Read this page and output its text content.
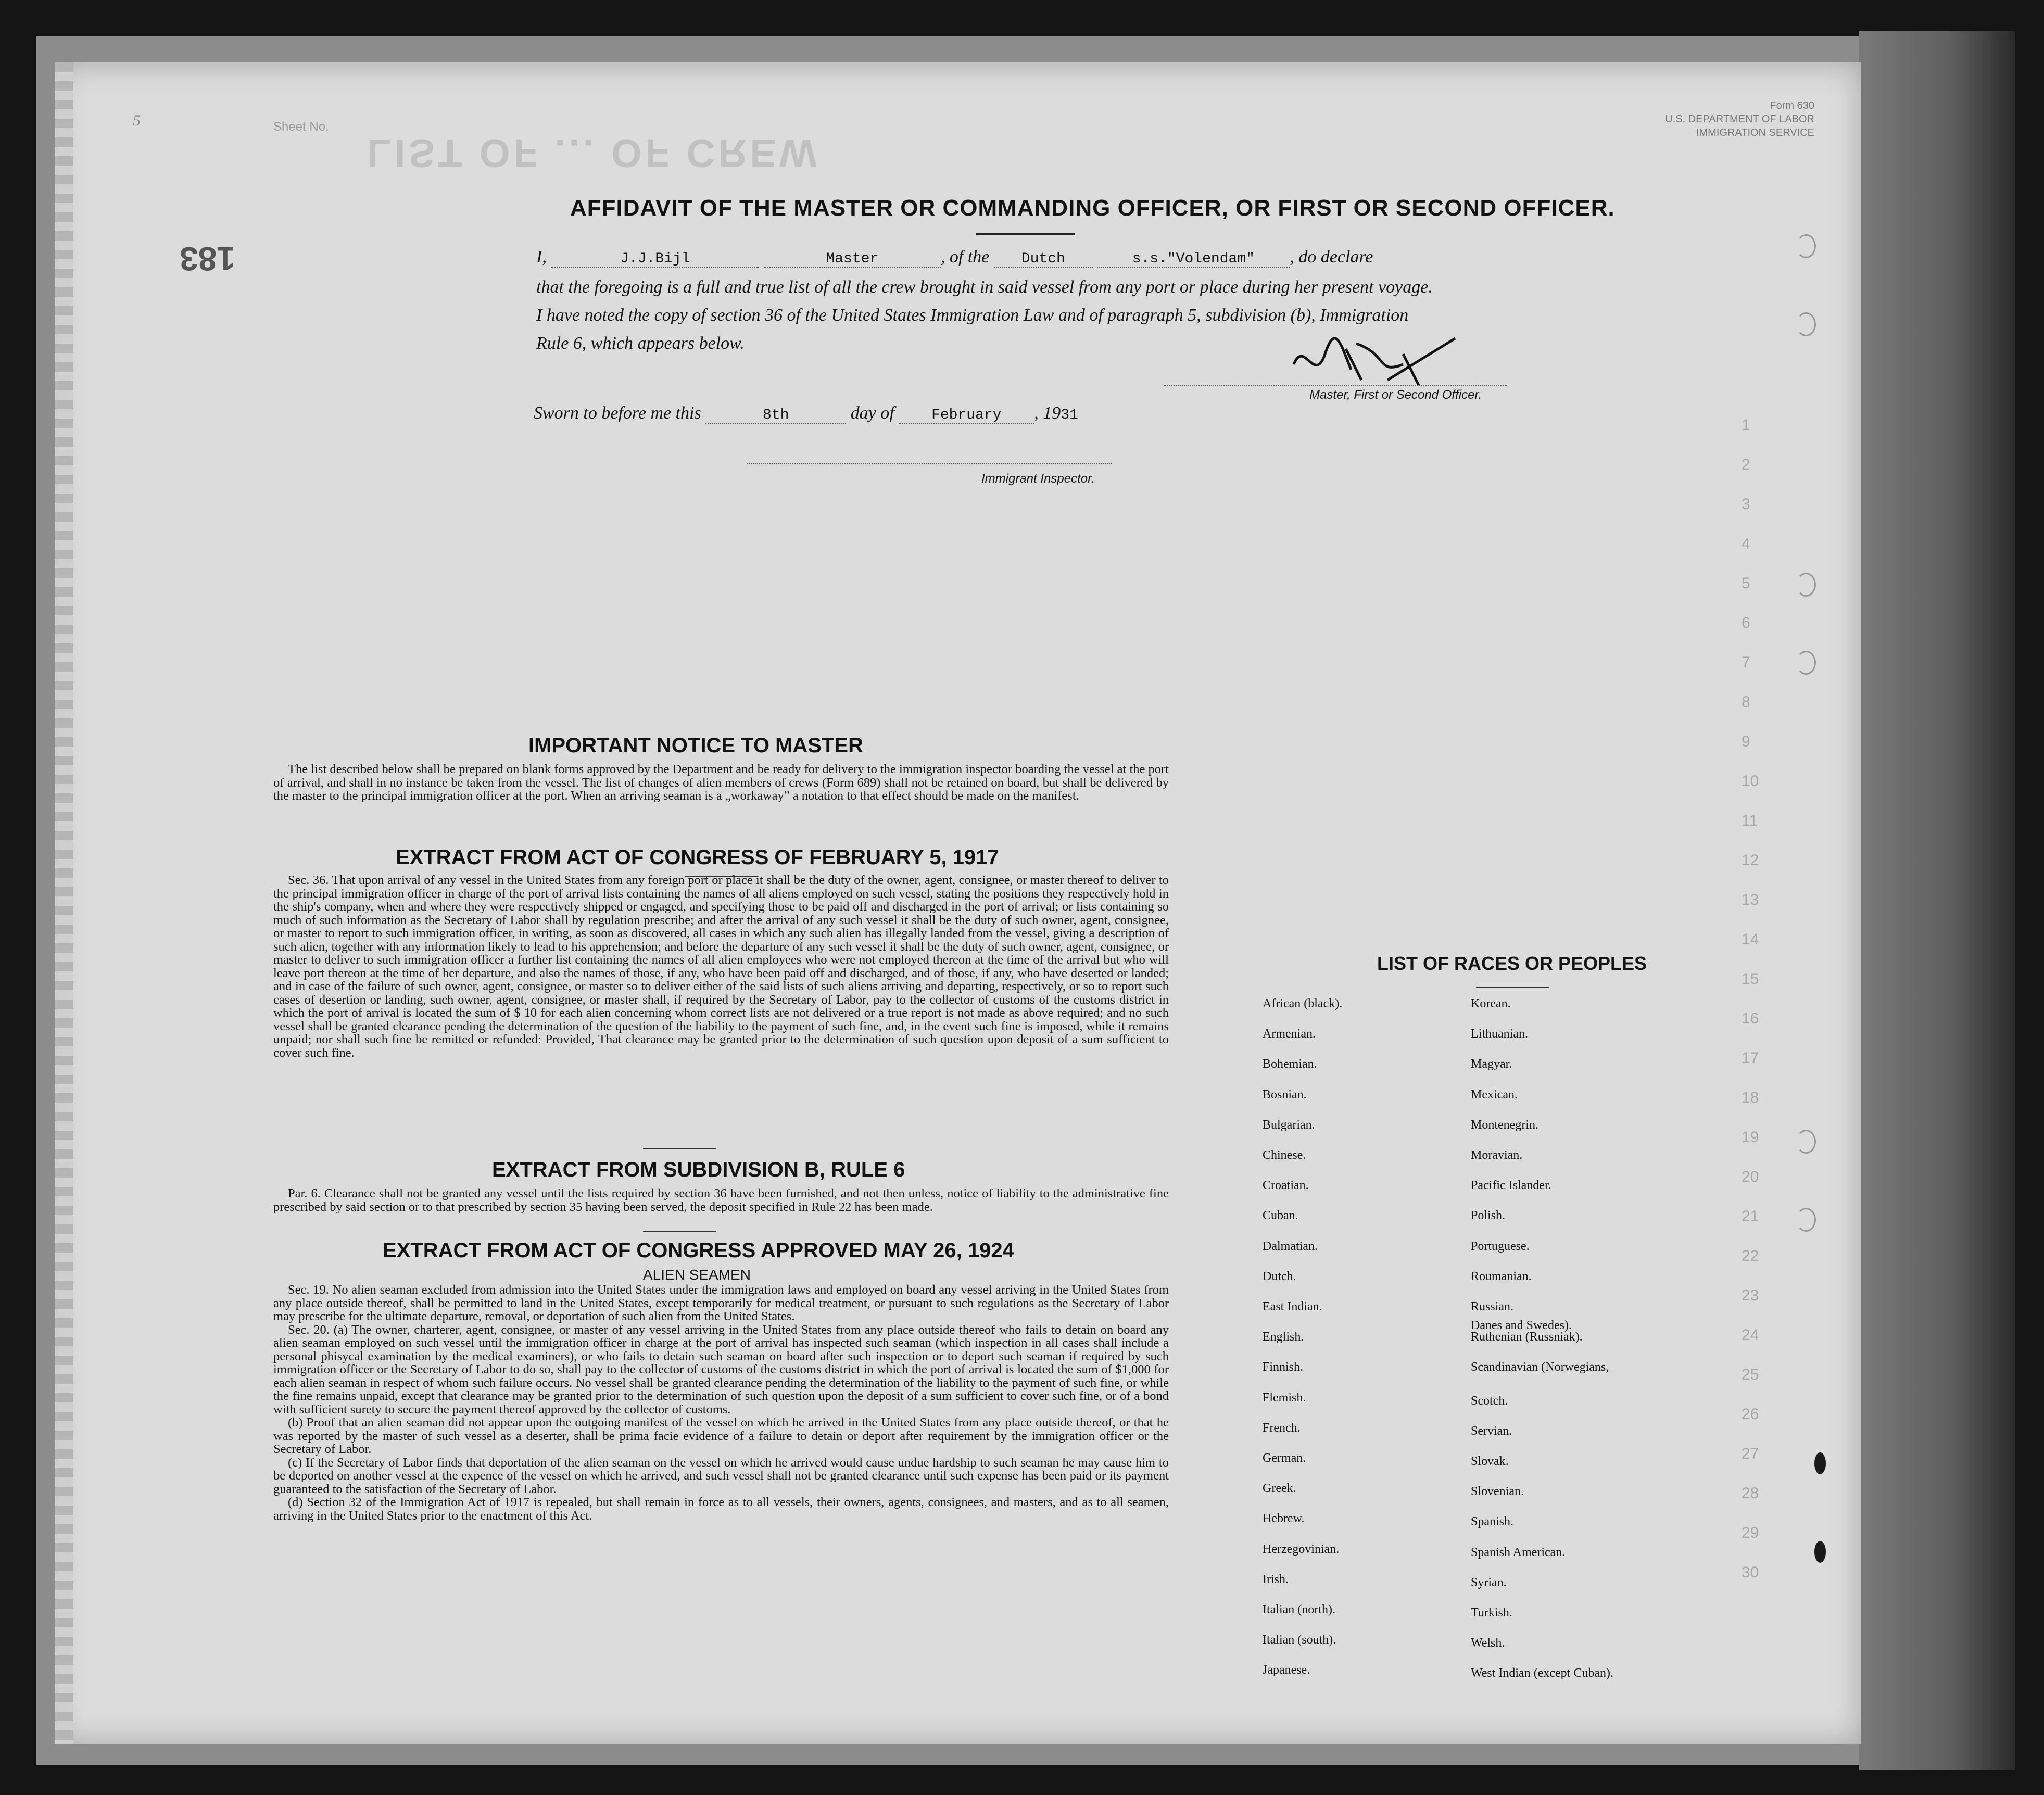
LIST OF ... OF CREW
183
5	Sheet No.
Form 630
U.S. DEPARTMENT OF LABOR
IMMIGRATION SERVICE
AFFIDAVIT OF THE MASTER OR COMMANDING OFFICER, OR FIRST OR SECOND OFFICER.
I,	J.J.Bijl	Master	, of the Dutch	s.s."Volendam" , do declare
that the foregoing is a full and true list of all the crew brought in said vessel from any port or place during her present voyage.
I have noted the copy of section 36 of the United States Immigration Law and of paragraph 5, subdivision (b), Immigration
Rule 6, which appears below.
Master, First or Second Officer.
Sworn to before me this	8th	day of	February , 1931
Immigrant Inspector.
IMPORTANT NOTICE TO MASTER

The list described below shall be prepared on blank forms approved by the Department and be ready for delivery to the immigration inspector boarding the vessel at the port of arrival, and shall in no instance be taken from the vessel. The list of changes of alien members of crews (Form 689) shall not be retained on board, but shall be delivered by the master to the principal immigration officer at the port. When an arriving seaman is a „workaway” a notation to that effect should be made on the manifest.

EXTRACT FROM ACT OF CONGRESS OF FEBRUARY 5, 1917

Sec. 36. That upon arrival of any vessel in the United States from any foreign port or place it shall be the duty of the owner, agent, consignee, or master thereof to deliver to the principal immigration officer in charge of the port of arrival lists containing the names of all aliens employed on such vessel, stating the positions they respectively hold in the ship's company, when and where they were respectively shipped or engaged, and specifying those to be paid off and discharged in the port of arrival; or lists containing so much of such information as the Secretary of Labor shall by regulation prescribe; and after the arrival of any such vessel it shall be the duty of such owner, agent, consignee, or master to report to such immigration officer, in writing, as soon as discovered, all cases in which any such alien has illegally landed from the vessel, giving a description of such alien, together with any information likely to lead to his apprehension; and before the departure of any such vessel it shall be the duty of such owner, agent, consignee, or master to deliver to such immigration officer a further list containing the names of all alien employees who were not employed thereon at the time of the arrival but who will leave port thereon at the time of her departure, and also the names of those, if any, who have been paid off and discharged, and of those, if any, who have deserted or landed; and in case of the failure of such owner, agent, consignee, or master so to deliver either of the said lists of such aliens arriving and departing, respectively, or so to report such cases of desertion or landing, such owner, agent, consignee, or master shall, if required by the Secretary of Labor, pay to the collector of customs of the customs district in which the port of arrival is located the sum of $ 10 for each alien concerning whom correct lists are not delivered or a true report is not made as above required; and no such vessel shall be granted clearance pending the determination of the question of the liability to the payment of such fine, and, in the event such fine is imposed, while it remains unpaid; nor shall such fine be remitted or refunded: Provided, That clearance may be granted prior to the determination of such question upon deposit of a sum sufficient to cover such fine.

EXTRACT FROM SUBDIVISION B, RULE 6

Par. 6. Clearance shall not be granted any vessel until the lists required by section 36 have been furnished, and not then unless, notice of liability to the administrative fine prescribed by said section or to that prescribed by section 35 having been served, the deposit specified in Rule 22 has been made.

EXTRACT FROM ACT OF CONGRESS APPROVED MAY 26, 1924
ALIEN SEAMEN

Sec. 19. No alien seaman excluded from admission into the United States under the immigration laws and employed on board any vessel arriving in the United States from any place outside thereof, shall be permitted to land in the United States, except temporarily for medical treatment, or pursuant to such regulations as the Secretary of Labor may prescribe for the ultimate departure, removal, or deportation of such alien from the United States.

Sec. 20. (a) The owner, charterer, agent, consignee, or master of any vessel arriving in the United States from any place outside thereof who fails to detain on board any alien seaman employed on such vessel until the immigration officer in charge at the port of arrival has inspected such seaman (which inspection in all cases shall include a personal phisycal examination by the medical examiners), or who fails to detain such seaman on board after such inspection or to deport such seaman if required by such immigration officer or the Secretary of Labor to do so, shall pay to the collector of customs of the customs district in which the port of arrival is located the sum of $1,000 for each alien seaman in respect of whom such failure occurs. No vessel shall be granted clearance pending the determination of the liability to the payment of such fine, or while the fine remains unpaid, except that clearance may be granted prior to the determination of such question upon the deposit of a sum sufficient to cover such fine, or of a bond with sufficient surety to secure the payment thereof approved by the collector of customs.

(b) Proof that an alien seaman did not appear upon the outgoing manifest of the vessel on which he arrived in the United States from any place outside thereof, or that he was reported by the master of such vessel as a deserter, shall be prima facie evidence of a failure to detain or deport after requirement by the immigration officer or the Secretary of Labor.

(c) If the Secretary of Labor finds that deportation of the alien seaman on the vessel on which he arrived would cause undue hardship to such seaman he may cause him to be deported on another vessel at the expence of the vessel on which he arrived, and such vessel shall not be granted clearance until such expense has been paid or its payment guaranteed to the satisfaction of the Secretary of Labor.

(d) Section 32 of the Immigration Act of 1917 is repealed, but shall remain in force as to all vessels, their owners, agents, consignees, and masters, and as to all seamen, arriving in the United States prior to the enactment of this Act.

LIST OF RACES OR PEOPLES
Danes and Swedes).
African (black).
Armenian.
Bohemian.
Bosnian.
Bulgarian.
Chinese.
Croatian.
Cuban.
Dalmatian.
Dutch.
East Indian.
English.
Finnish.
Flemish.
French.
German.
Greek.
Hebrew.
Herzegovinian.
Irish.
Italian (north).
Italian (south).
Japanese.
Korean.
Lithuanian.
Magyar.
Mexican.
Montenegrin.
Moravian.
Pacific Islander.
Polish.
Portuguese.
Roumanian.
Russian.
Ruthenian (Russniak).
Scandinavian (Norwegians,
Scotch.
Servian.
Slovak.
Slovenian.
Spanish.
Spanish American.
Syrian.
Turkish.
Welsh.
West Indian (except Cuban).
1
2
3
4
5
6
7
8
9
10
11
12
13
14
15
16
17
18
19
20
21
22
23
24
25
26
27
28
29
30
